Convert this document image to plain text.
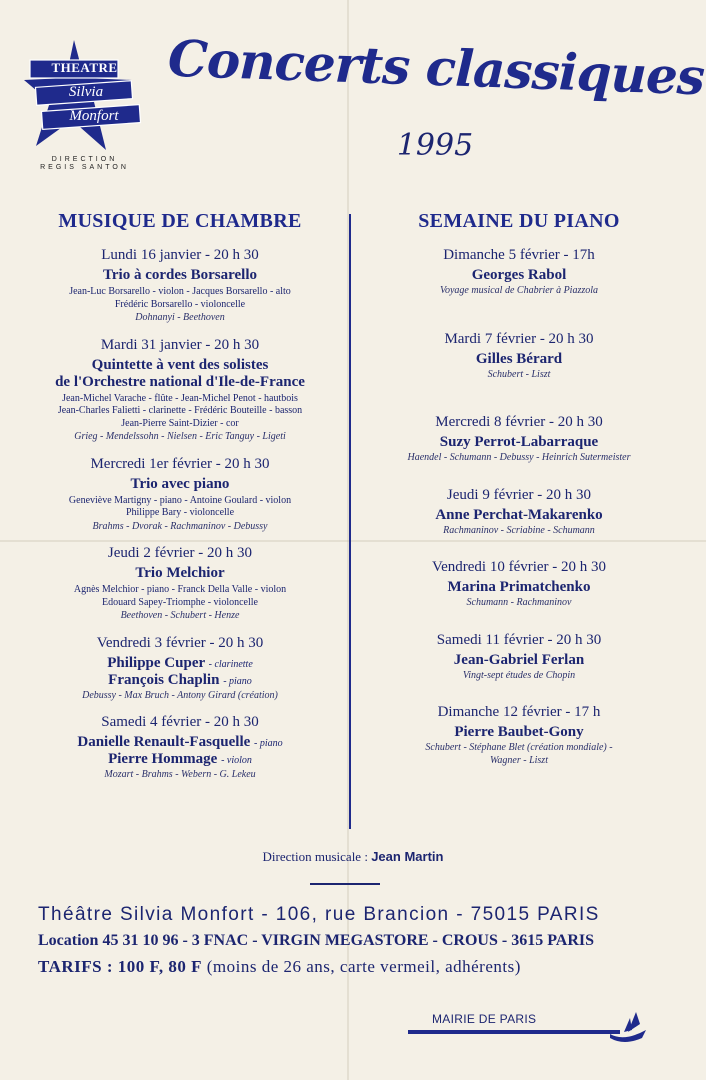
THEATRE
Silvia
Monfort
DIRECTION
REGIS SANTON
Concerts classiques
1995
MUSIQUE DE CHAMBRE
Lundi 16 janvier - 20 h 30
Trio à cordes Borsarello
Jean-Luc Borsarello - violon - Jacques Borsarello - alto
Frédéric Borsarello - violoncelle
Dohnanyi - Beethoven
Mardi 31 janvier - 20 h 30
Quintette à vent des solistes
de l'Orchestre national d'Ile-de-France
Jean-Michel Varache - flûte - Jean-Michel Penot - hautbois
Jean-Charles Falietti - clarinette - Frédéric Bouteille - basson
Jean-Pierre Saint-Dizier - cor
Grieg - Mendelssohn - Nielsen - Eric Tanguy - Ligeti
Mercredi 1er février - 20 h 30
Trio avec piano
Geneviève Martigny - piano - Antoine Goulard - violon
Philippe Bary - violoncelle
Brahms - Dvorak - Rachmaninov - Debussy
Jeudi 2 février - 20 h 30
Trio Melchior
Agnès Melchior - piano - Franck Della Valle - violon
Edouard Sapey-Triomphe - violoncelle
Beethoven - Schubert - Henze
Vendredi 3 février - 20 h 30
Philippe Cuper - clarinette
François Chaplin - piano
Debussy - Max Bruch - Antony Girard (création)
Samedi 4 février - 20 h 30
Danielle Renault-Fasquelle - piano
Pierre Hommage - violon
Mozart - Brahms - Webern - G. Lekeu
SEMAINE DU PIANO
Dimanche 5 février - 17h
Georges Rabol
Voyage musical de Chabrier à Piazzola
Mardi 7 février - 20 h 30
Gilles Bérard
Schubert - Liszt
Mercredi 8 février - 20 h 30
Suzy Perrot-Labarraque
Haendel - Schumann - Debussy - Heinrich Sutermeister
Jeudi 9 février - 20 h 30
Anne Perchat-Makarenko
Rachmaninov - Scriabine - Schumann
Vendredi 10 février - 20 h 30
Marina Primatchenko
Schumann - Rachmaninov
Samedi 11 février - 20 h 30
Jean-Gabriel Ferlan
Vingt-sept études de Chopin
Dimanche 12 février - 17 h
Pierre Baubet-Gony
Schubert - Stéphane Blet (création mondiale) -
Wagner - Liszt
Direction musicale : Jean Martin
Théâtre Silvia Monfort - 106, rue Brancion - 75015 PARIS
Location 45 31 10 96 - 3 FNAC - VIRGIN MEGASTORE - CROUS - 3615 PARIS
TARIFS : 100 F, 80 F (moins de 26 ans, carte vermeil, adhérents)
MAIRIE DE PARIS
